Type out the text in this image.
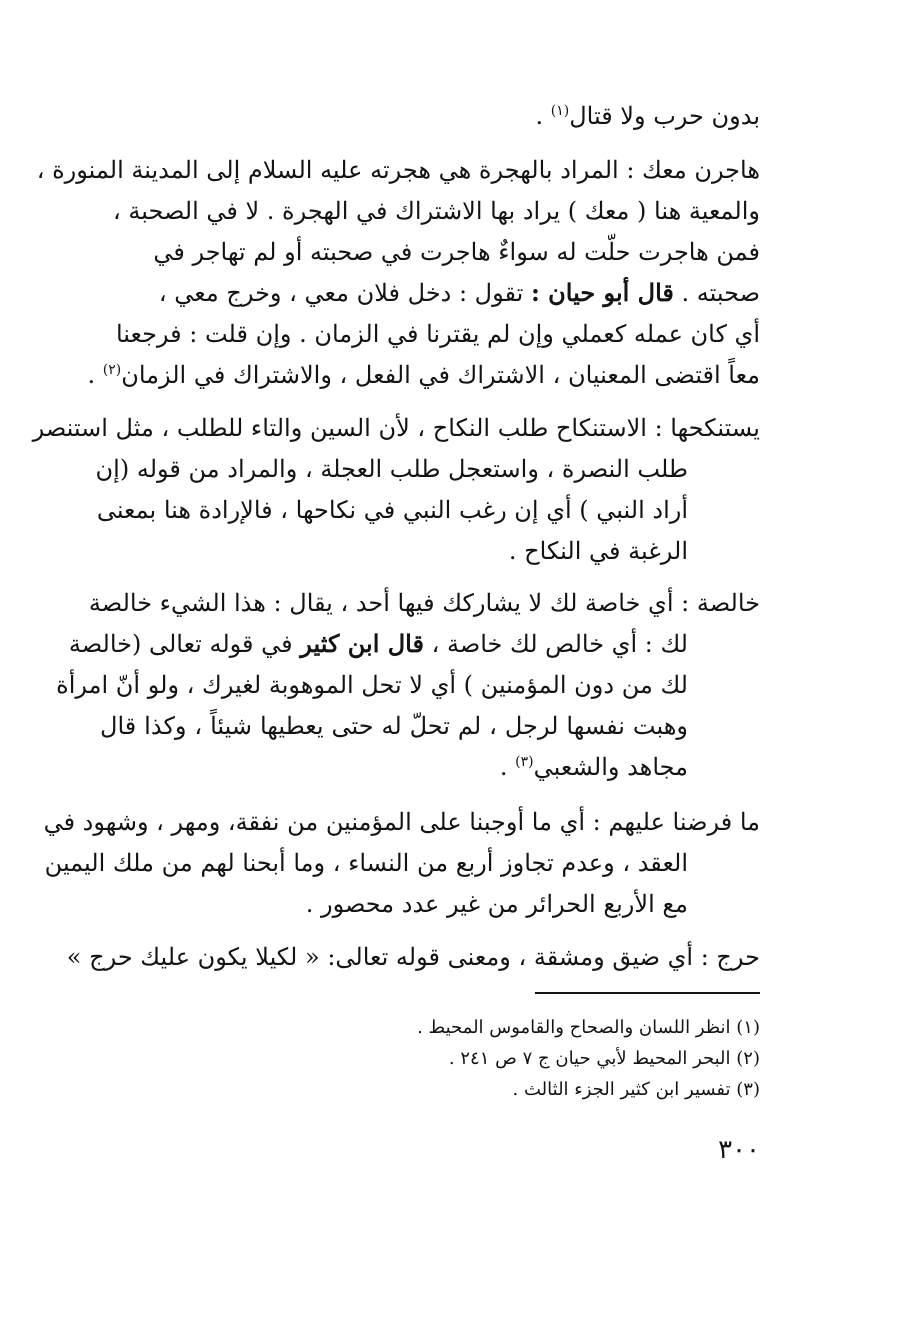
بدون حرب ولا قتال$^{(١)}$ .
هاجرن معك : المراد بالهجرة هي هجرته عليه السلام إلى المدينة المنورة ،
والمعية هنا ( معك ) يراد بها الاشتراك في الهجرة . لا في الصحبة ،
فمن هاجرت حلّت له سواءٌ هاجرت في صحبته أو لم تهاجر في
صحبته . قال أبو حيان : تقول : دخل فلان معي ، وخرج معي ،
أي كان عمله كعملي وإن لم يقترنا في الزمان . وإن قلت : فرجعنا
معاً اقتضى المعنيان ، الاشتراك في الفعل ، والاشتراك في الزمان$^{(٢)}$ .
يستنكحها : الاستنكاح طلب النكاح ، لأن السين والتاء للطلب ، مثل استنصر
طلب النصرة ، واستعجل طلب العجلة ، والمراد من قوله (إن
أراد النبي ) أي إن رغب النبي في نكاحها ، فالإرادة هنا بمعنى
الرغبة في النكاح .
خالصة : أي خاصة لك لا يشاركك فيها أحد ، يقال : هذا الشيء خالصة
لك : أي خالص لك خاصة ، قال ابن كثير في قوله تعالى (خالصة
لك من دون المؤمنين ) أي لا تحل الموهوبة لغيرك ، ولو أنّ امرأة
وهبت نفسها لرجل ، لم تحلّ له حتى يعطيها شيئاً ، وكذا قال
مجاهد والشعبي$^{(٣)}$ .
ما فرضنا عليهم : أي ما أوجبنا على المؤمنين من نفقة، ومهر ، وشهود في
العقد ، وعدم تجاوز أربع من النساء ، وما أبحنا لهم من ملك اليمين
مع الأربع الحرائر من غير عدد محصور .
حرج : أي ضيق ومشقة ، ومعنى قوله تعالى: « لكيلا يكون عليك حرج »
(١) انظر اللسان والصحاح والقاموس المحيط .
(٢) البحر المحيط لأبي حيان ج ٧ ص ٢٤١ .
(٣) تفسير ابن كثير الجزء الثالث .
٣٠٠
